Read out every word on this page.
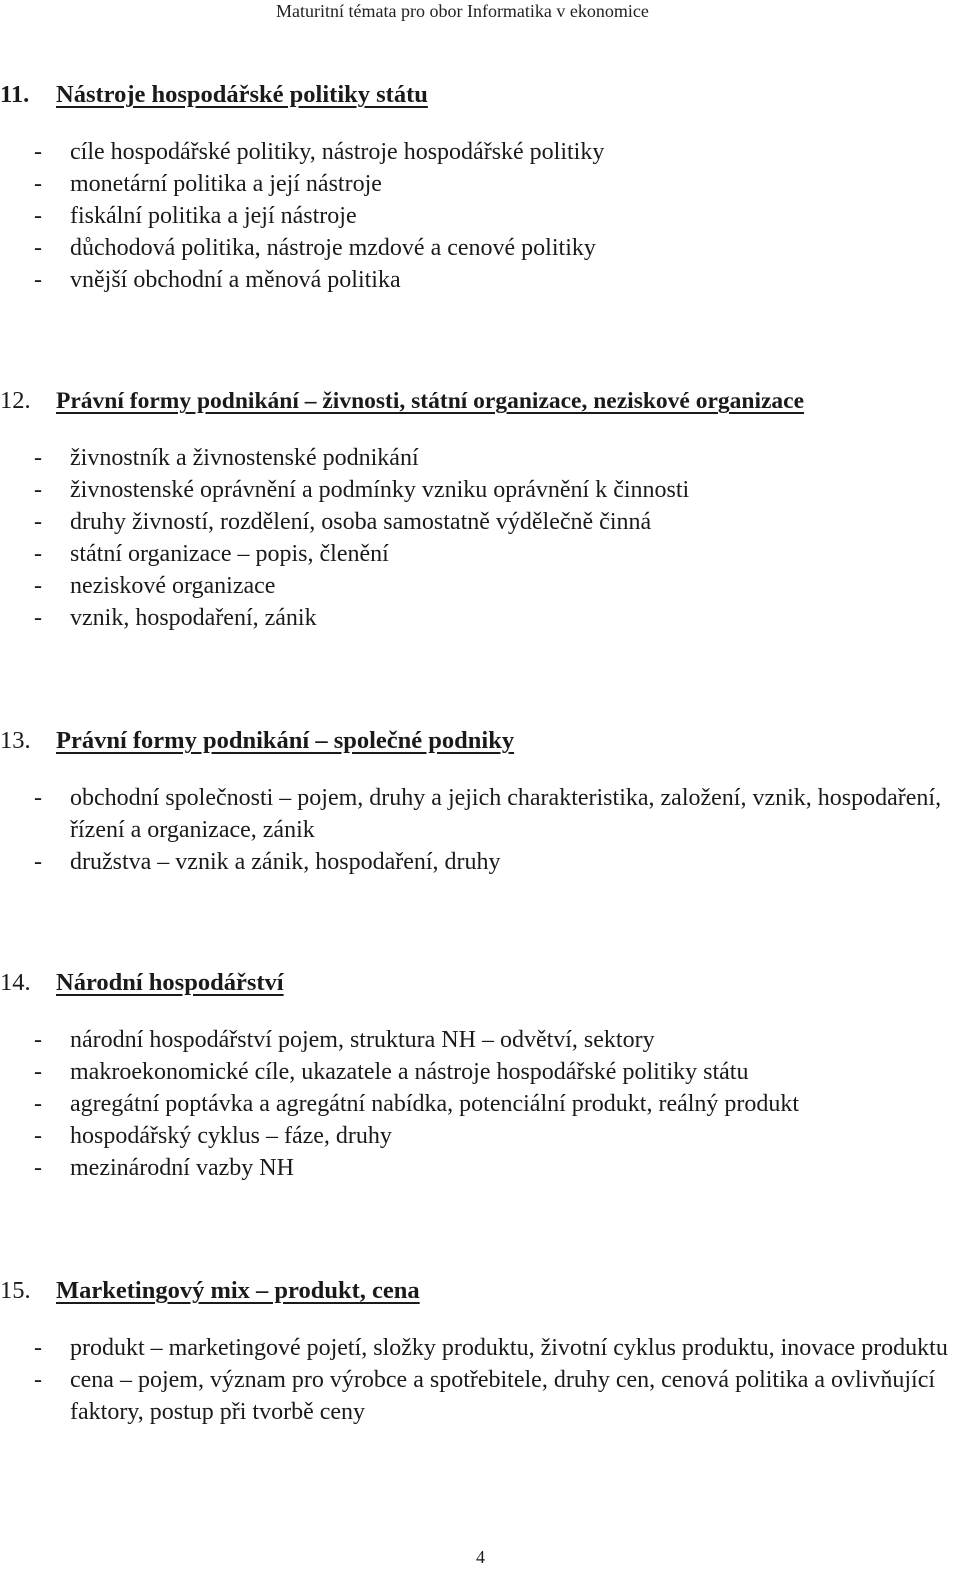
Maturitní témata pro obor Informatika v ekonomice
11. Nástroje hospodářské politiky státu
- cíle hospodářské politiky, nástroje hospodářské politiky
- monetární politika a její nástroje
- fiskální politika a její nástroje
- důchodová politika, nástroje mzdové a cenové politiky
- vnější obchodní a měnová politika
12. Právní formy podnikání – živnosti, státní organizace, neziskové organizace
- živnostník a živnostenské podnikání
- živnostenské oprávnění a podmínky vzniku oprávnění k činnosti
- druhy živností, rozdělení, osoba samostatně výdělečně činná
- státní organizace – popis, členění
- neziskové organizace
- vznik, hospodaření, zánik
13. Právní formy podnikání – společné podniky
- obchodní společnosti – pojem, druhy a jejich charakteristika, založení, vznik, hospodaření, řízení a organizace, zánik
- družstva – vznik a zánik, hospodaření, druhy
14. Národní hospodářství
- národní hospodářství pojem, struktura NH – odvětví, sektory
- makroekonomické cíle, ukazatele a nástroje hospodářské politiky státu
- agregátní poptávka a agregátní nabídka, potenciální produkt, reálný produkt
- hospodářský cyklus – fáze, druhy
- mezinárodní vazby NH
15. Marketingový mix – produkt, cena
- produkt – marketingové pojetí, složky produktu, životní cyklus produktu, inovace produktu
- cena – pojem, význam pro výrobce a spotřebitele, druhy cen, cenová politika a ovlivňující faktory, postup při tvorbě ceny
4
